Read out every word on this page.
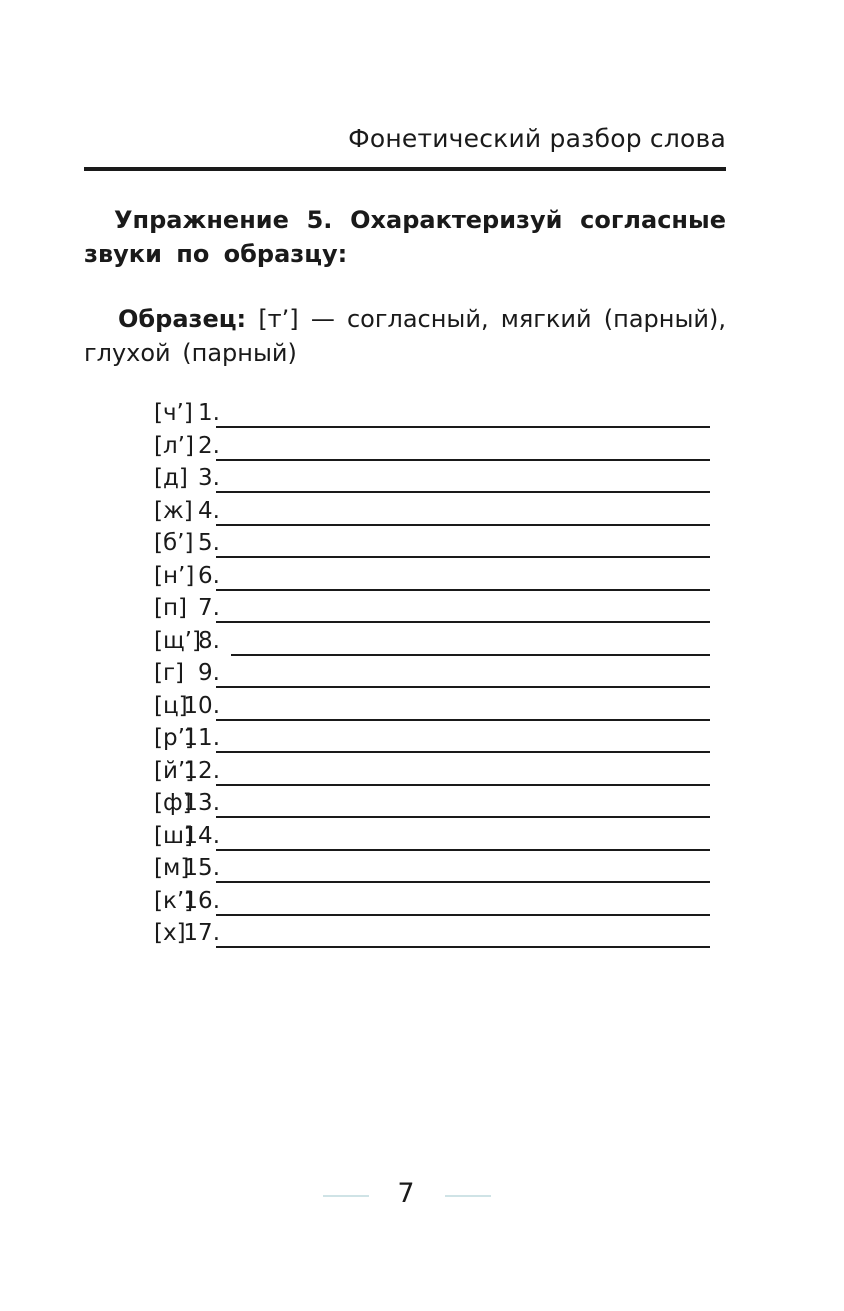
Фонетический разбор слова
Упражнение 5. Охарактеризуй согласные звуки по образцу:
Образец: [т’] — согласный, мягкий (парный), глухой (парный)
1.
[ч’]
2.
[л’]
3.
[д]
4.
[ж]
5.
[б’]
6.
[н’]
7.
[п]
8.
[щ’]
9.
[г]
10.
[ц]
11.
[р’]
12.
[й’]
13.
[ф]
14.
[ш]
15.
[м]
16.
[к’]
17.
[х]
7
